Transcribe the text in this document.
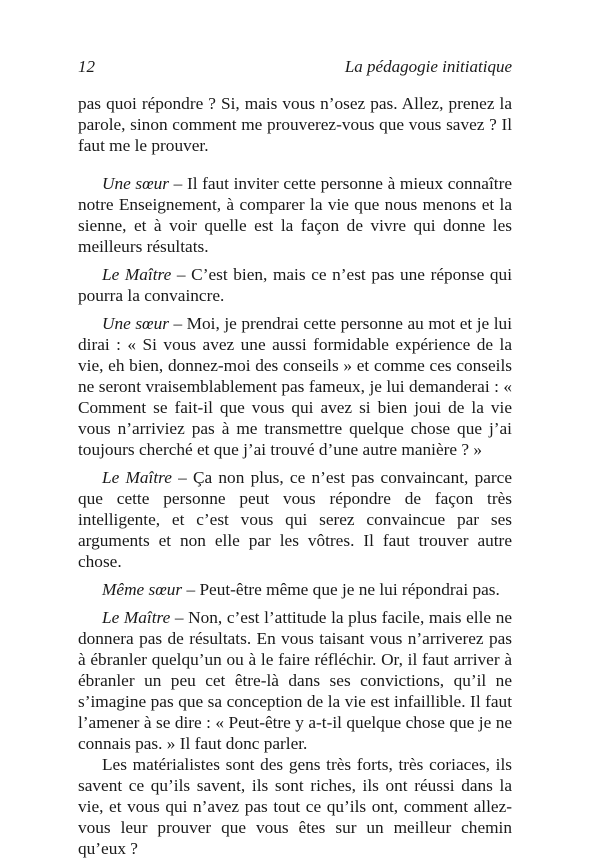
12	La pédagogie initiatique

pas quoi répondre ? Si, mais vous n’osez pas. Allez, prenez la parole, sinon comment me prouverez-vous que vous savez ? Il faut me le prouver.

Une sœur – Il faut inviter cette personne à mieux connaître notre Enseignement, à comparer la vie que nous menons et la sienne, et à voir quelle est la façon de vivre qui donne les meilleurs résultats.

Le Maître – C’est bien, mais ce n’est pas une réponse qui pourra la convaincre.

Une sœur – Moi, je prendrai cette personne au mot et je lui dirai : « Si vous avez une aussi formidable expérience de la vie, eh bien, donnez-moi des conseils » et comme ces conseils ne seront vraisemblablement pas fameux, je lui demanderai : « Comment se fait-il que vous qui avez si bien joui de la vie vous n’arriviez pas à me transmettre quelque chose que j’ai toujours cherché et que j’ai trouvé d’une autre manière ? »

Le Maître – Ça non plus, ce n’est pas convaincant, parce que cette personne peut vous répondre de façon très intelligente, et c’est vous qui serez convaincue par ses arguments et non elle par les vôtres. Il faut trouver autre chose.

Même sœur – Peut-être même que je ne lui répondrai pas.

Le Maître – Non, c’est l’attitude la plus facile, mais elle ne donnera pas de résultats. En vous taisant vous n’arriverez pas à ébranler quelqu’un ou à le faire réfléchir. Or, il faut arriver à ébranler un peu cet être-là dans ses convictions, qu’il ne s’imagine pas que sa conception de la vie est infaillible. Il faut l’amener à se dire : « Peut-être y a-t-il quelque chose que je ne connais pas. » Il faut donc parler.

Les matérialistes sont des gens très forts, très coriaces, ils savent ce qu’ils savent, ils sont riches, ils ont réussi dans la vie, et vous qui n’avez pas tout ce qu’ils ont, comment allez-vous leur prouver que vous êtes sur un meilleur chemin qu’eux ?
